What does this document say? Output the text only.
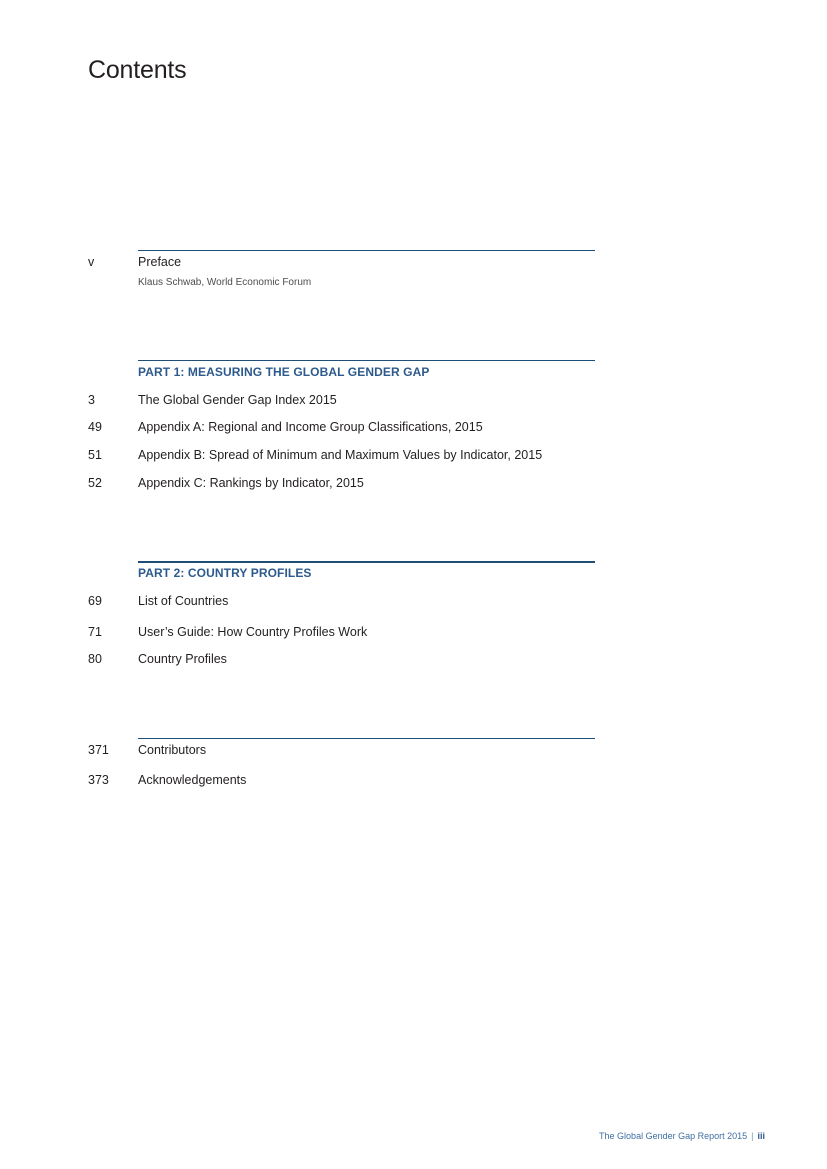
Contents
v	Preface
Klaus Schwab, World Economic Forum
PART 1: MEASURING THE GLOBAL GENDER GAP
3	The Global Gender Gap Index 2015
49	Appendix A: Regional and Income Group Classifications, 2015
51	Appendix B: Spread of Minimum and Maximum Values by Indicator, 2015
52	Appendix C: Rankings by Indicator, 2015
PART 2: COUNTRY PROFILES
69	List of Countries
71	User’s Guide: How Country Profiles Work
80	Country Profiles
371 Contributors
373 Acknowledgements
The Global Gender Gap Report 2015 | iii
